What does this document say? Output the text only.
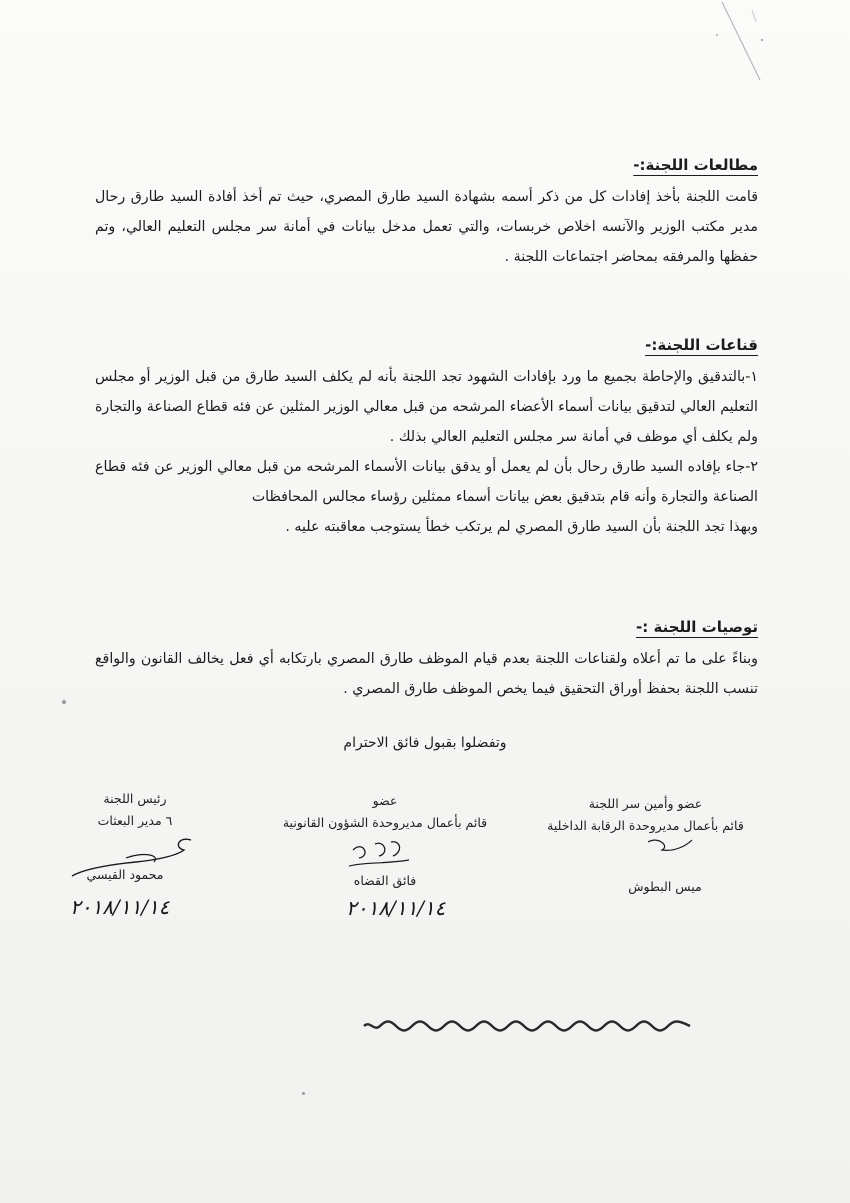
مطالعات اللجنة:-
قامت اللجنة بأخذ إفادات كل من ذكر أسمه بشهادة السيد طارق المصري، حيث تم أخذ أفادة السيد طارق رحال مدير مكتب الوزير والآنسه اخلاص خربسات، والتي تعمل مدخل بيانات في أمانة سر مجلس التعليم العالي، وتم حفظها والمرفقه بمحاضر اجتماعات اللجنة .
قناعات اللجنة:-
١-بالتدقيق والإحاطة بجميع ما ورد بإفادات الشهود تجد اللجنة بأنه لم يكلف السيد طارق من قبل الوزير أو مجلس التعليم العالي لتدقيق بيانات أسماء الأعضاء المرشحه من قبل معالي الوزير المثلين عن فئه قطاع الصناعة والتجارة ولم يكلف أي موظف في أمانة سر مجلس التعليم العالي بذلك .
٢-جاء بإفاده السيد طارق رحال بأن لم يعمل أو يدقق بيانات الأسماء المرشحه من قبل معالي الوزير عن فئه قطاع الصناعة والتجارة وأنه قام بتدقيق بعض بيانات أسماء ممثلين رؤساء مجالس المحافظات
وبهذا تجد اللجنة بأن السيد طارق المصري لم يرتكب خطأ يستوجب معاقبته عليه .
توصيات اللجنة :-
وبناءً على ما تم أعلاه ولقناعات اللجنة بعدم قيام الموظف طارق المصري بارتكابه أي فعل يخالف القانون والواقع تنسب اللجنة بحفظ أوراق التحقيق فيما يخص الموظف طارق المصري .
وتفضلوا بقبول فائق الاحترام
رئيس اللجنة
٦ مدير البعثات
محمود القيسي
٢٠١٨/١١/١٤
عضو
قائم بأعمال مديروحدة الشؤون القانونية
فائق القضاه
٢٠١٨/١١/١٤
عضو وأمين سر اللجنة
قائم بأعمال مديروحدة الرقابة الداخلية
ميس البطوش
